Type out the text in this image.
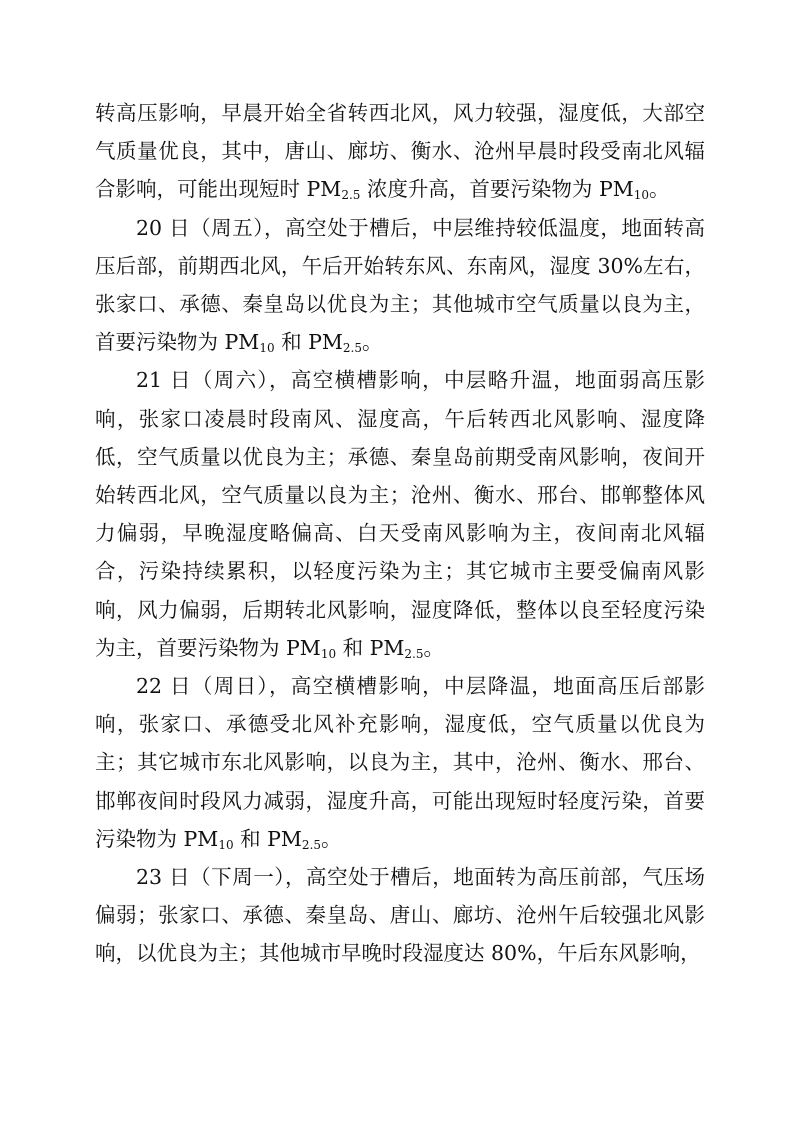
转高压影响，早晨开始全省转西北风，风力较强，湿度低，大部空气质量优良，其中，唐山、廊坊、衡水、沧州早晨时段受南北风辐合影响，可能出现短时 $PM_{2.5}$ 浓度升高，首要污染物为 $PM_{10}$。

20 日（周五），高空处于槽后，中层维持较低温度，地面转高压后部，前期西北风，午后开始转东风、东南风，湿度 30%左右，张家口、承德、秦皇岛以优良为主；其他城市空气质量以良为主，首要污染物为 $PM_{10}$ 和 $PM_{2.5}$。

21 日（周六），高空横槽影响，中层略升温，地面弱高压影响，张家口凌晨时段南风、湿度高，午后转西北风影响、湿度降低，空气质量以优良为主；承德、秦皇岛前期受南风影响，夜间开始转西北风，空气质量以良为主；沧州、衡水、邢台、邯郸整体风力偏弱，早晚湿度略偏高、白天受南风影响为主，夜间南北风辐合，污染持续累积，以轻度污染为主；其它城市主要受偏南风影响，风力偏弱，后期转北风影响，湿度降低，整体以良至轻度污染为主，首要污染物为 $PM_{10}$ 和 $PM_{2.5}$。

22 日（周日），高空横槽影响，中层降温，地面高压后部影响，张家口、承德受北风补充影响，湿度低，空气质量以优良为主；其它城市东北风影响，以良为主，其中，沧州、衡水、邢台、邯郸夜间时段风力减弱，湿度升高，可能出现短时轻度污染，首要污染物为 $PM_{10}$ 和 $PM_{2.5}$。

23 日（下周一），高空处于槽后，地面转为高压前部，气压场偏弱；张家口、承德、秦皇岛、唐山、廊坊、沧州午后较强北风影响，以优良为主；其他城市早晚时段湿度达 80%，午后东风影响，
